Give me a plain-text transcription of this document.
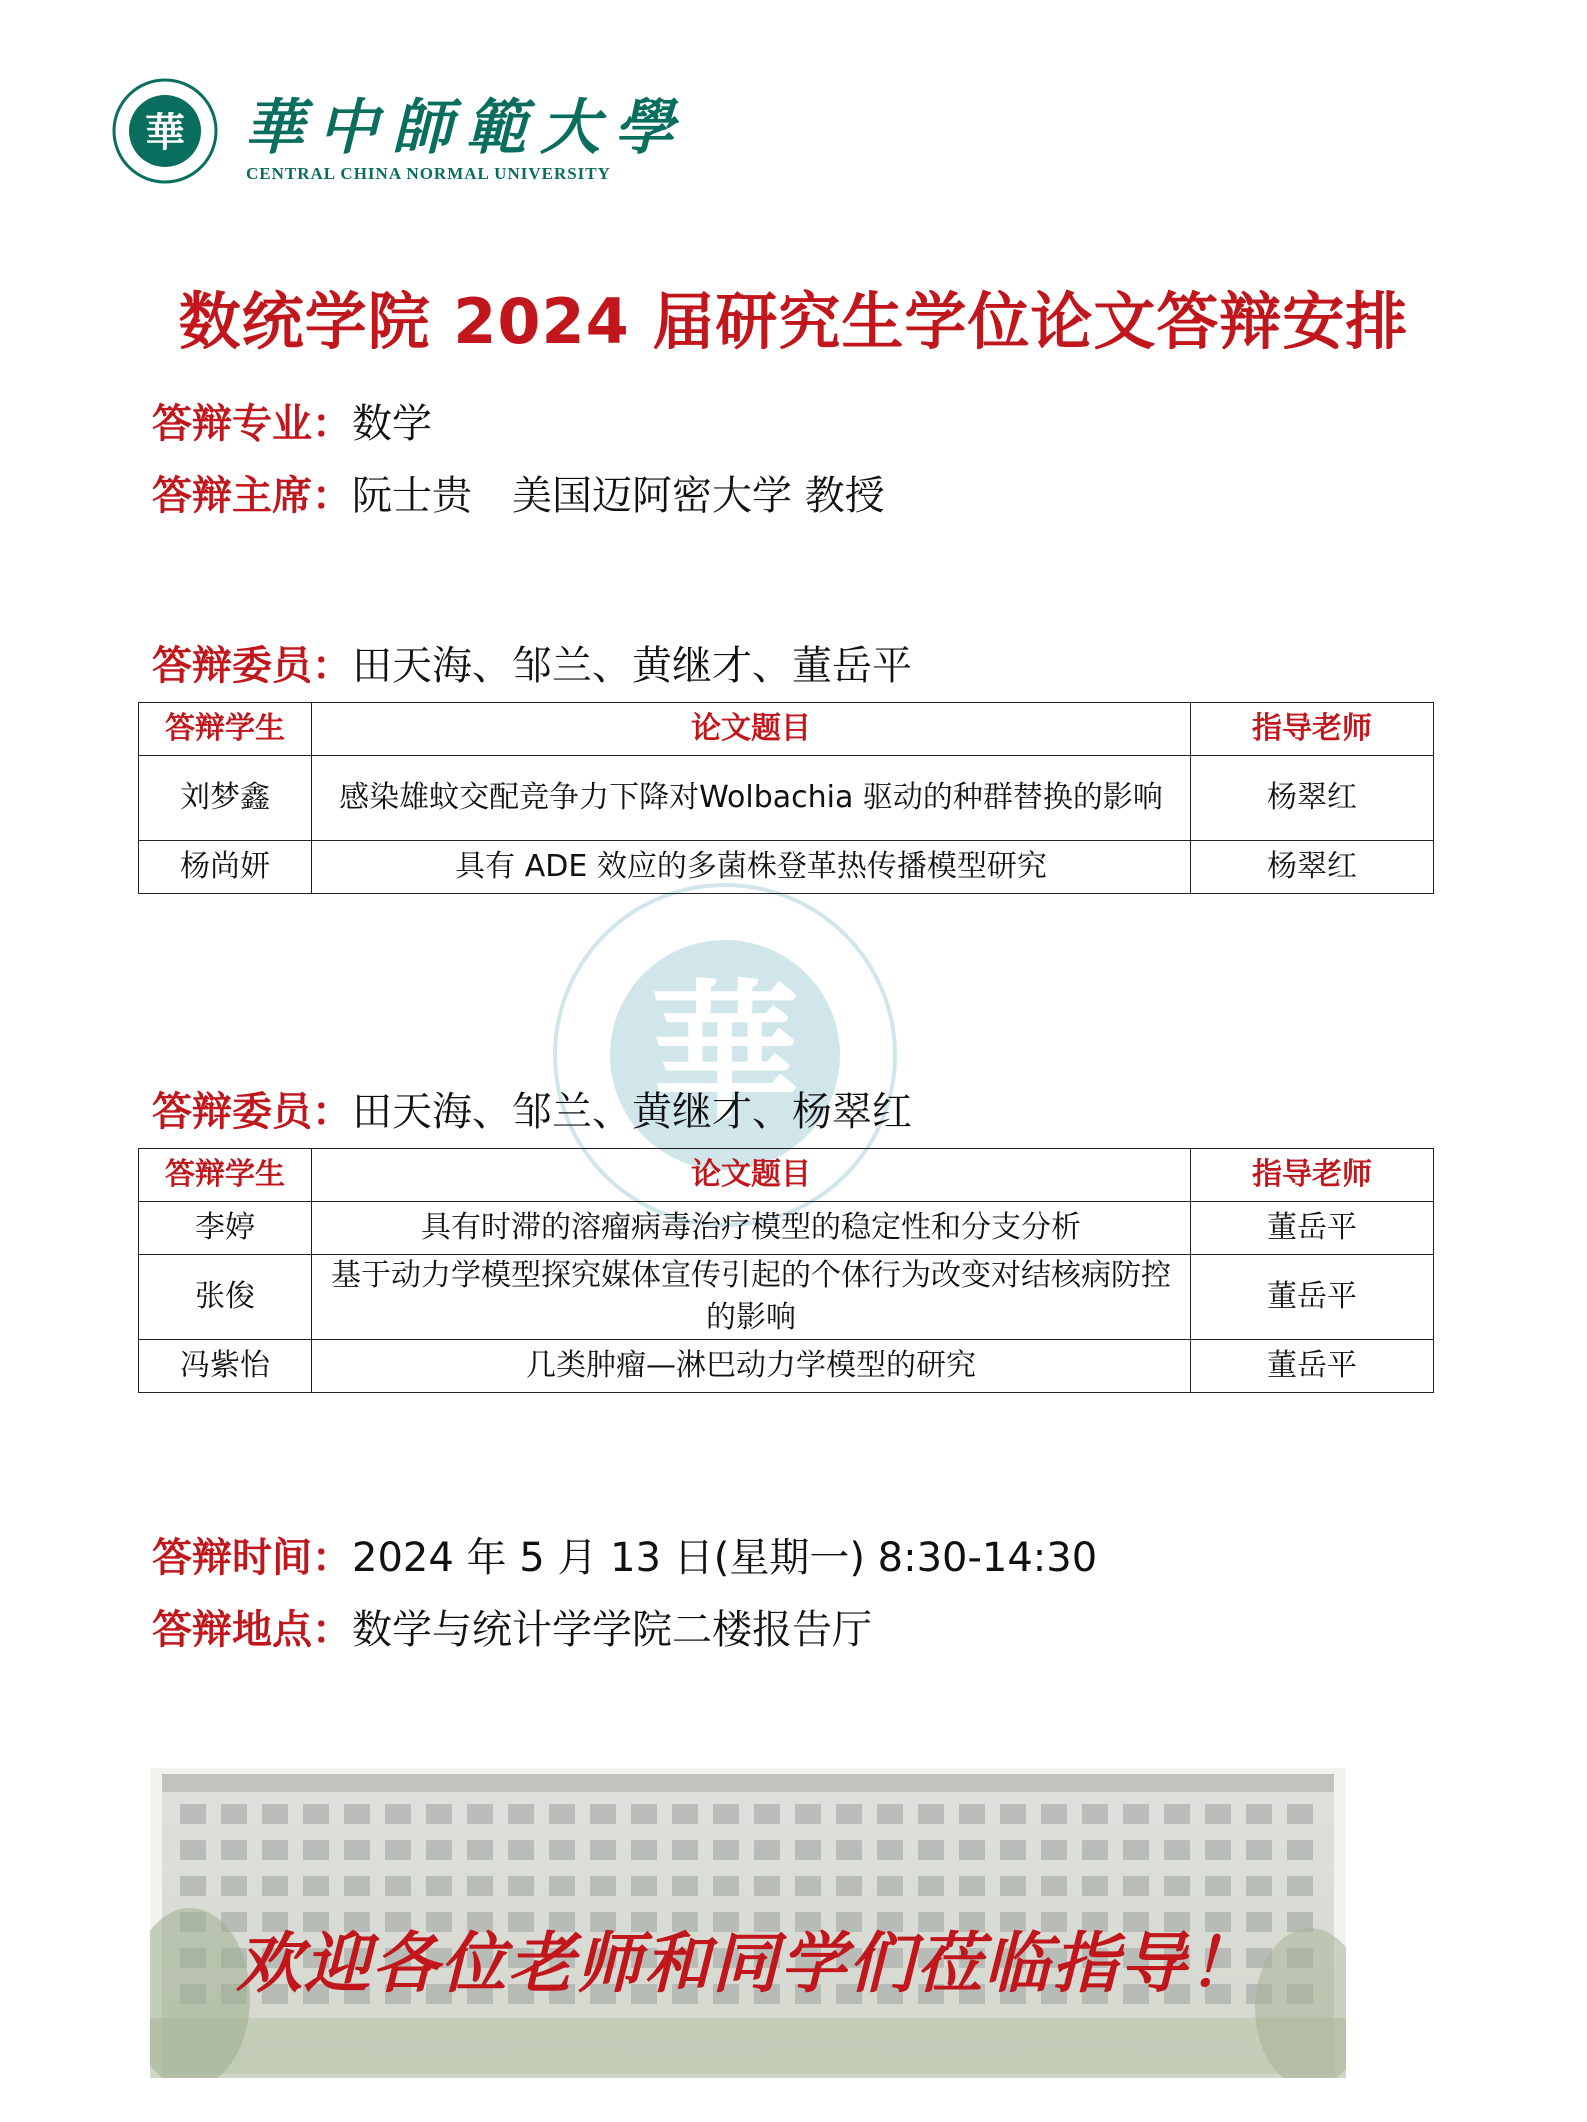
華 華中師範大學
CENTRAL CHINA NORMAL UNIVERSITY
数统学院 2024 届研究生学位论文答辩安排
答辩专业：数学
答辩主席：阮士贵　美国迈阿密大学 教授
華
答辩委员：田天海、邹兰、黄继才、董岳平
答辩学生	论文题目	指导老师
刘梦鑫	感染雄蚊交配竞争力下降对Wolbachia 驱动的种群替换的影响	杨翠红
杨尚妍	具有 ADE 效应的多菌株登革热传播模型研究	杨翠红
答辩委员：田天海、邹兰、黄继才、杨翠红
答辩学生	论文题目	指导老师
李婷	具有时滞的溶瘤病毒治疗模型的稳定性和分支分析	董岳平
张俊	基于动力学模型探究媒体宣传引起的个体行为改变对结核病防控的影响	董岳平
冯紫怡	几类肿瘤—淋巴动力学模型的研究	董岳平
答辩时间：2024 年 5 月 13 日(星期一) 8:30-14:30
答辩地点：数学与统计学学院二楼报告厅
欢迎各位老师和同学们莅临指导！
